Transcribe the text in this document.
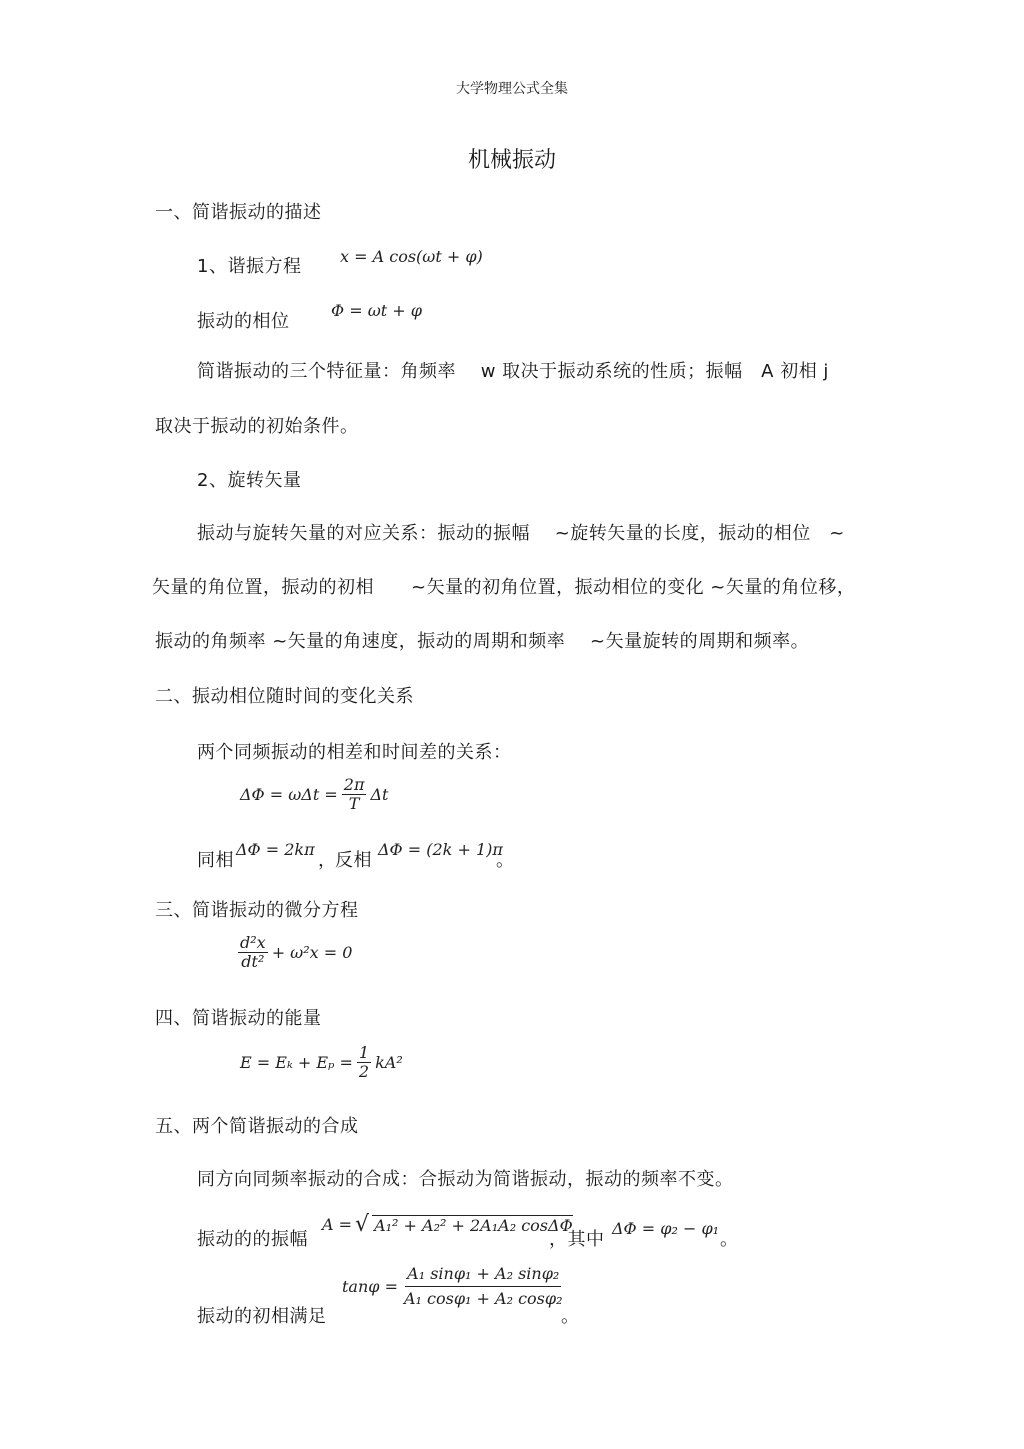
大学物理公式全集
机械振动
一、简谐振动的描述
1、谐振方程 x = A cos(ωt + φ)
振动的相位
Φ = ωt + φ
简谐振动的三个特征量：角频率　 w 取决于振动系统的性质；振幅　A 初相 j
取决于振动的初始条件。
2、旋转矢量
振动与旋转矢量的对应关系：振动的振幅　 ~旋转矢量的长度，振动的相位　~
矢量的角位置，振动的初相　　~矢量的初角位置，振动相位的变化 ~矢量的角位移，
振动的角频率 ~矢量的角速度，振动的周期和频率　 ~矢量旋转的周期和频率。
二、振动相位随时间的变化关系
两个同频振动的相差和时间差的关系：
$\Delta\Phi = \omega\Delta t = \frac{2\pi}{T}$ Δt
同相
ΔΦ = 2kπ
，
反相
ΔΦ = (2k + 1)π
。
三、简谐振动的微分方程
$\frac{\text{d²x}}{\text{dt²}} + \omega^2x = 0$
四、简谐振动的能量
$E = E_k + E_p = \frac{1}{2} kA^2$
五、两个简谐振动的合成
同方向同频率振动的合成：合振动为简谐振动，振动的频率不变。
振动的的振幅
A = √ A₁² + A₂² + 2A₁A₂ cosΔΦ
，其中
ΔΦ = φ₂ − φ₁
。
振动的初相满足
$\tan\varphi = \frac{\text{A₁ sinφ₁ + A₂ sinφ₂}}{\text{A₁ cosφ₁ + A₂ cosφ₂}}$
。
